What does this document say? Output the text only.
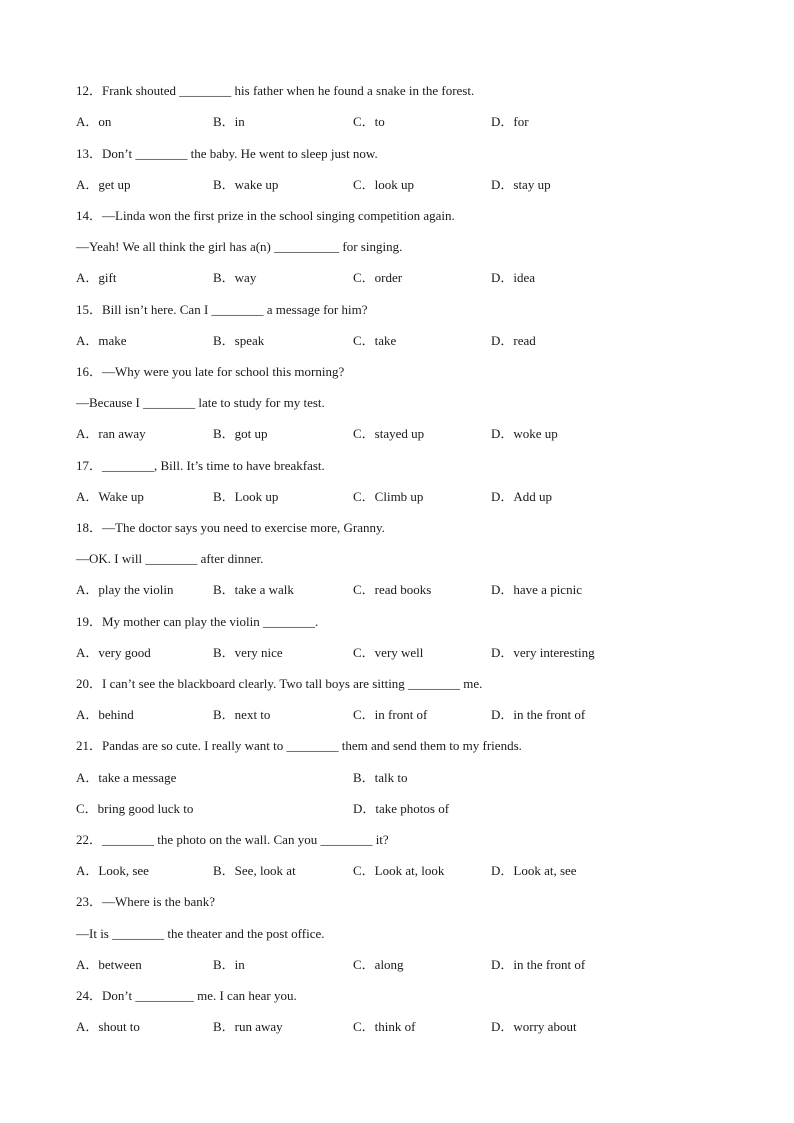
12．Frank shouted ________ his father when he found a snake in the forest.
A．on	B．in	C．to	D．for
13．Don’t ________ the baby. He went to sleep just now.
A．get up	B．wake up	C．look up	D．stay up
14．—Linda won the first prize in the school singing competition again.
—Yeah! We all think the girl has a(n) __________ for singing.
A．gift	B．way	C．order	D．idea
15．Bill isn’t here. Can I ________ a message for him?
A．make	B．speak	C．take	D．read
16．—Why were you late for school this morning?
—Because I ________ late to study for my test.
A．ran away	B．got up	C．stayed up	D．woke up
17．________, Bill. It’s time to have breakfast.
A．Wake up	B．Look up	C．Climb up	D．Add up
18．—The doctor says you need to exercise more, Granny.
—OK. I will ________ after dinner.
A．play the violin	B．take a walk	C．read books	D．have a picnic
19．My mother can play the violin ________.
A．very good	B．very nice	C．very well	D．very interesting
20．I can’t see the blackboard clearly. Two tall boys are sitting ________ me.
A．behind	B．next to	C．in front of	D．in the front of
21．Pandas are so cute. I really want to ________ them and send them to my friends.
A．take a message	B．talk to
C．bring good luck to	D．take photos of
22．________ the photo on the wall. Can you ________ it?
A．Look, see	B．See, look at	C．Look at, look	D．Look at, see
23．—Where is the bank?
—It is ________ the theater and the post office.
A．between	B．in	C．along	D．in the front of
24．Don’t _________ me. I can hear you.
A．shout to	B．run away	C．think of	D．worry about
